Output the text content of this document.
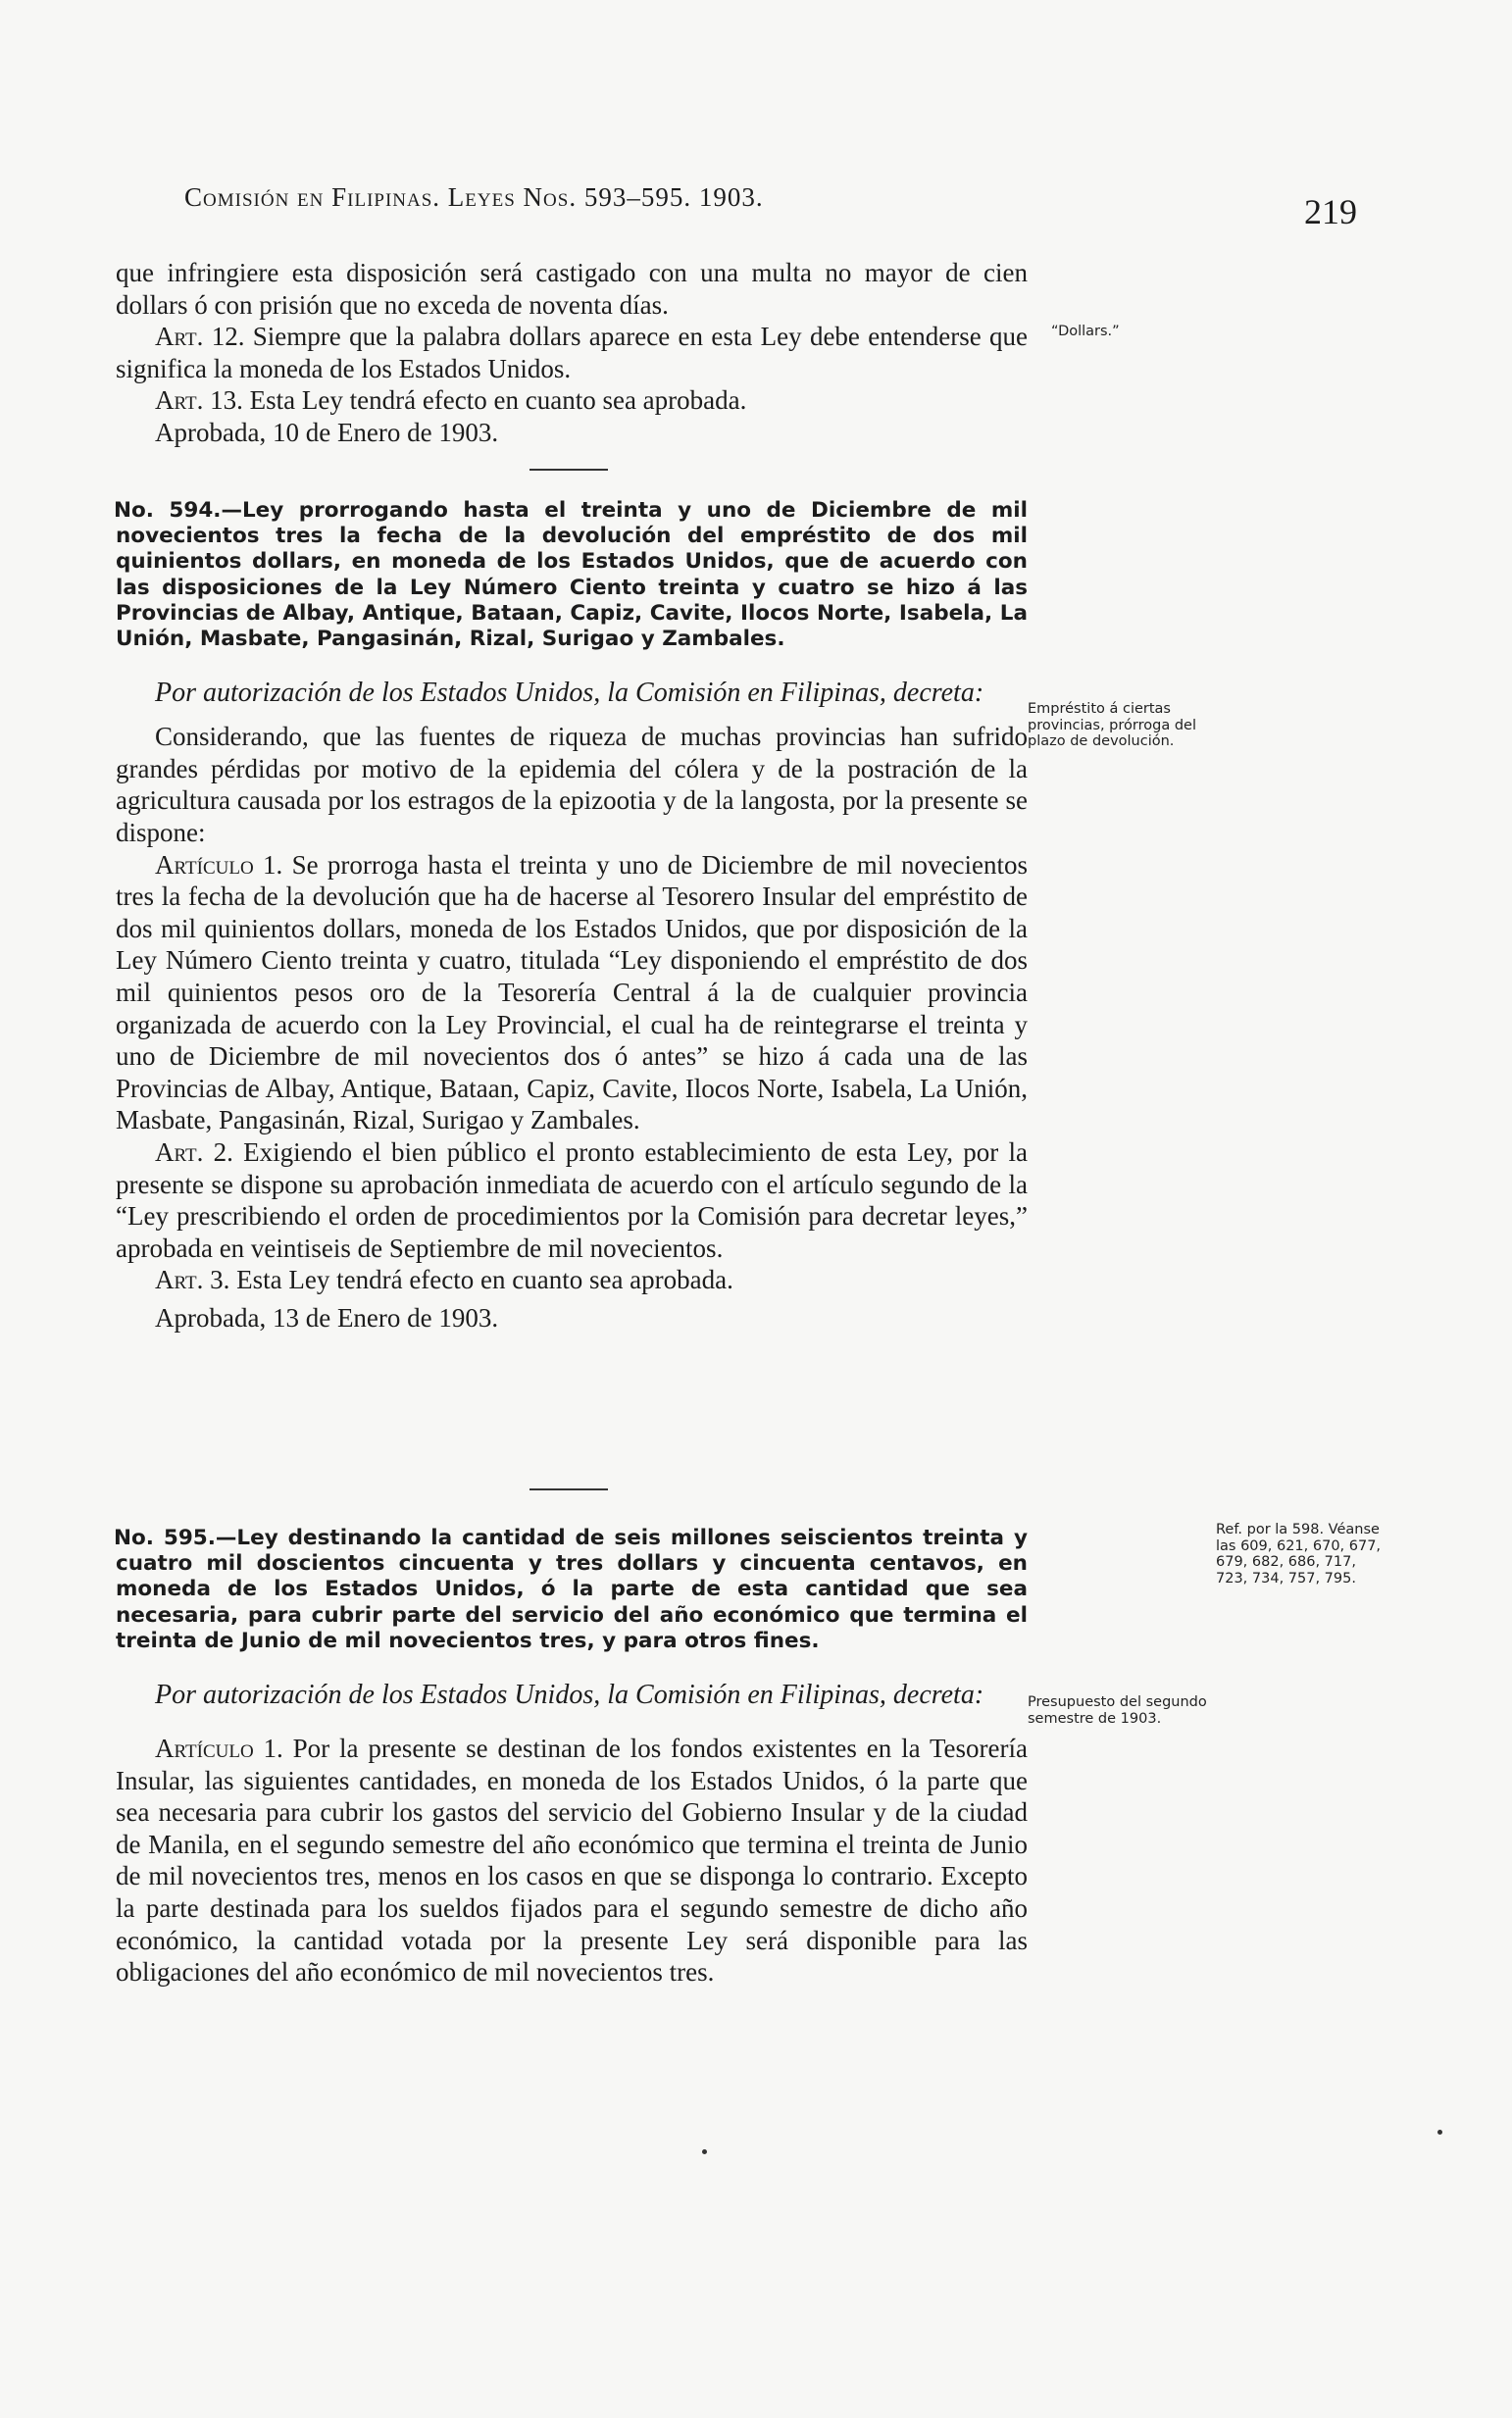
Comisión en Filipinas. Leyes Nos. 593–595. 1903.	219

que infringiere esta disposición será castigado con una multa no mayor de cien dollars ó con prisión que no exceda de noventa días.

Art. 12. Siempre que la palabra dollars aparece en esta Ley debe entenderse que significa la moneda de los Estados Unidos.

Art. 13. Esta Ley tendrá efecto en cuanto sea aprobada.

Aprobada, 10 de Enero de 1903.

No. 594.—Ley prorrogando hasta el treinta y uno de Diciembre de mil novecientos tres la fecha de la devolución del empréstito de dos mil quinientos dollars, en moneda de los Estados Unidos, que de acuerdo con las disposiciones de la Ley Número Ciento treinta y cuatro se hizo á las Provincias de Albay, Antique, Bataan, Capiz, Cavite, Ilocos Norte, Isabela, La Unión, Masbate, Pangasinán, Rizal, Surigao y Zambales.

Por autorización de los Estados Unidos, la Comisión en Filipinas, decreta:

Considerando, que las fuentes de riqueza de muchas provincias han sufrido grandes pérdidas por motivo de la epidemia del cólera y de la postración de la agricultura causada por los estragos de la epizootia y de la langosta, por la presente se dispone:

Artículo 1. Se prorroga hasta el treinta y uno de Diciembre de mil novecientos tres la fecha de la devolución que ha de hacerse al Tesorero Insular del empréstito de dos mil quinientos dollars, moneda de los Estados Unidos, que por disposición de la Ley Número Ciento treinta y cuatro, titulada “Ley disponiendo el empréstito de dos mil quinientos pesos oro de la Tesorería Central á la de cualquier provincia organizada de acuerdo con la Ley Provincial, el cual ha de reintegrarse el treinta y uno de Diciembre de mil novecientos dos ó antes” se hizo á cada una de las Provincias de Albay, Antique, Bataan, Capiz, Cavite, Ilocos Norte, Isabela, La Unión, Masbate, Pangasinán, Rizal, Surigao y Zambales.

Art. 2. Exigiendo el bien público el pronto establecimiento de esta Ley, por la presente se dispone su aprobación inmediata de acuerdo con el artículo segundo de la “Ley prescribiendo el orden de procedimientos por la Comisión para decretar leyes,” aprobada en veintiseis de Septiembre de mil novecientos.

Art. 3. Esta Ley tendrá efecto en cuanto sea aprobada.

Aprobada, 13 de Enero de 1903.

No. 595.—Ley destinando la cantidad de seis millones seiscientos treinta y cuatro mil doscientos cincuenta y tres dollars y cincuenta centavos, en moneda de los Estados Unidos, ó la parte de esta cantidad que sea necesaria, para cubrir parte del servicio del año económico que termina el treinta de Junio de mil novecientos tres, y para otros fines.

Por autorización de los Estados Unidos, la Comisión en Filipinas, decreta:

Artículo 1. Por la presente se destinan de los fondos existentes en la Tesorería Insular, las siguientes cantidades, en moneda de los Estados Unidos, ó la parte que sea necesaria para cubrir los gastos del servicio del Gobierno Insular y de la ciudad de Manila, en el segundo semestre del año económico que termina el treinta de Junio de mil novecientos tres, menos en los casos en que se disponga lo contrario. Excepto la parte destinada para los sueldos fijados para el segundo semestre de dicho año económico, la cantidad votada por la presente Ley será disponible para las obligaciones del año económico de mil novecientos tres.

“Dollars.”
Empréstito á ciertas provincias, prórroga del plazo de devolución.
Ref. por la 598. Véanse las 609, 621, 670, 677, 679, 682, 686, 717, 723, 734, 757, 795.
Presupuesto del segundo semestre de 1903.
